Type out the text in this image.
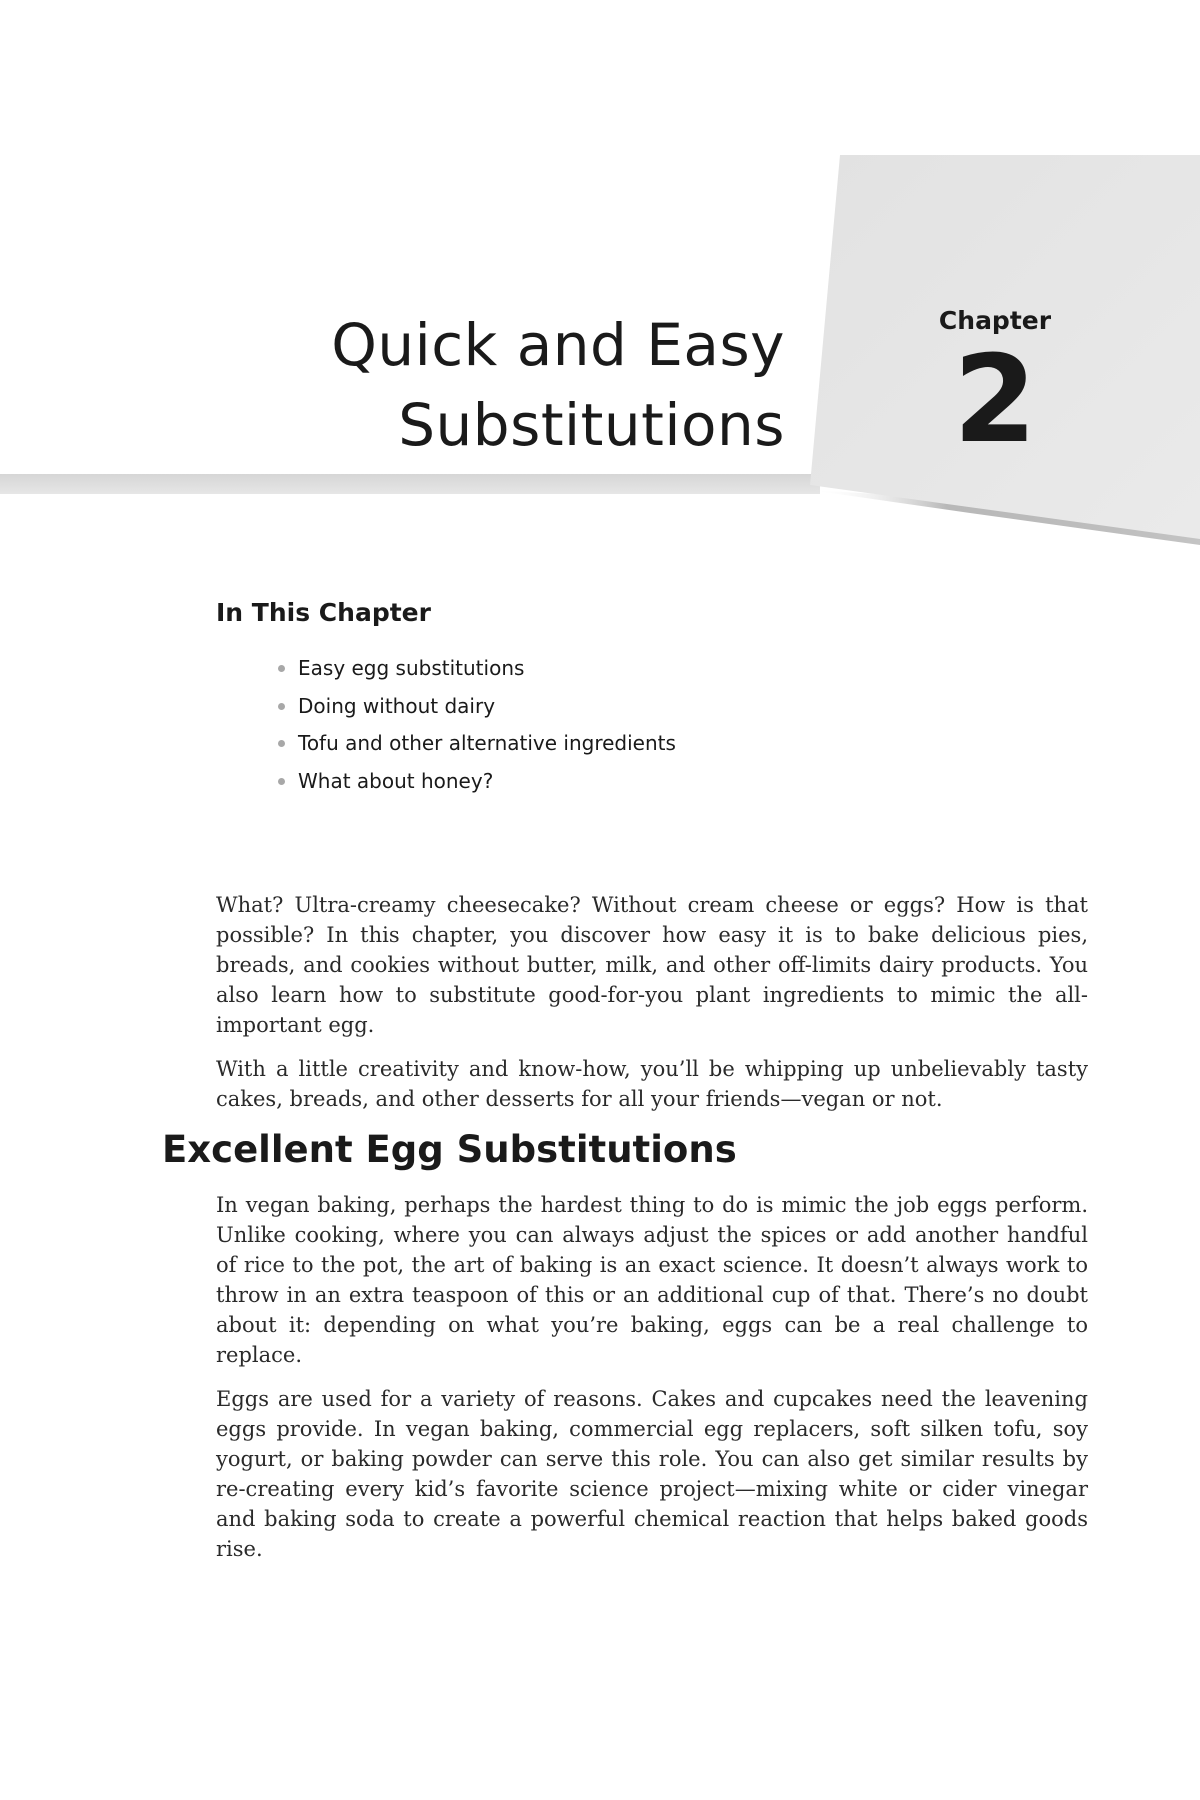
Quick and Easy
Substitutions
Chapter
2
In This Chapter
Easy egg substitutions
Doing without dairy
Tofu and other alternative ingredients
What about honey?

What? Ultra-creamy cheesecake? Without cream cheese or eggs? How is that possible? In this chapter, you discover how easy it is to bake delicious pies, breads, and cookies without butter, milk, and other off-limits dairy products. You also learn how to substitute good-for-you plant ingredients to mimic the all-important egg.

With a little creativity and know-how, you’ll be whipping up unbelievably tasty cakes, breads, and other desserts for all your friends—vegan or not.

Excellent Egg Substitutions

In vegan baking, perhaps the hardest thing to do is mimic the job eggs perform. Unlike cooking, where you can always adjust the spices or add another handful of rice to the pot, the art of baking is an exact science. It doesn’t always work to throw in an extra teaspoon of this or an additional cup of that. There’s no doubt about it: depending on what you’re baking, eggs can be a real challenge to replace.

Eggs are used for a variety of reasons. Cakes and cupcakes need the leavening eggs provide. In vegan baking, commercial egg replacers, soft silken tofu, soy yogurt, or baking powder can serve this role. You can also get similar results by re-creating every kid’s favorite science project—mixing white or cider vinegar and baking soda to create a powerful chemical reaction that helps baked goods rise.
